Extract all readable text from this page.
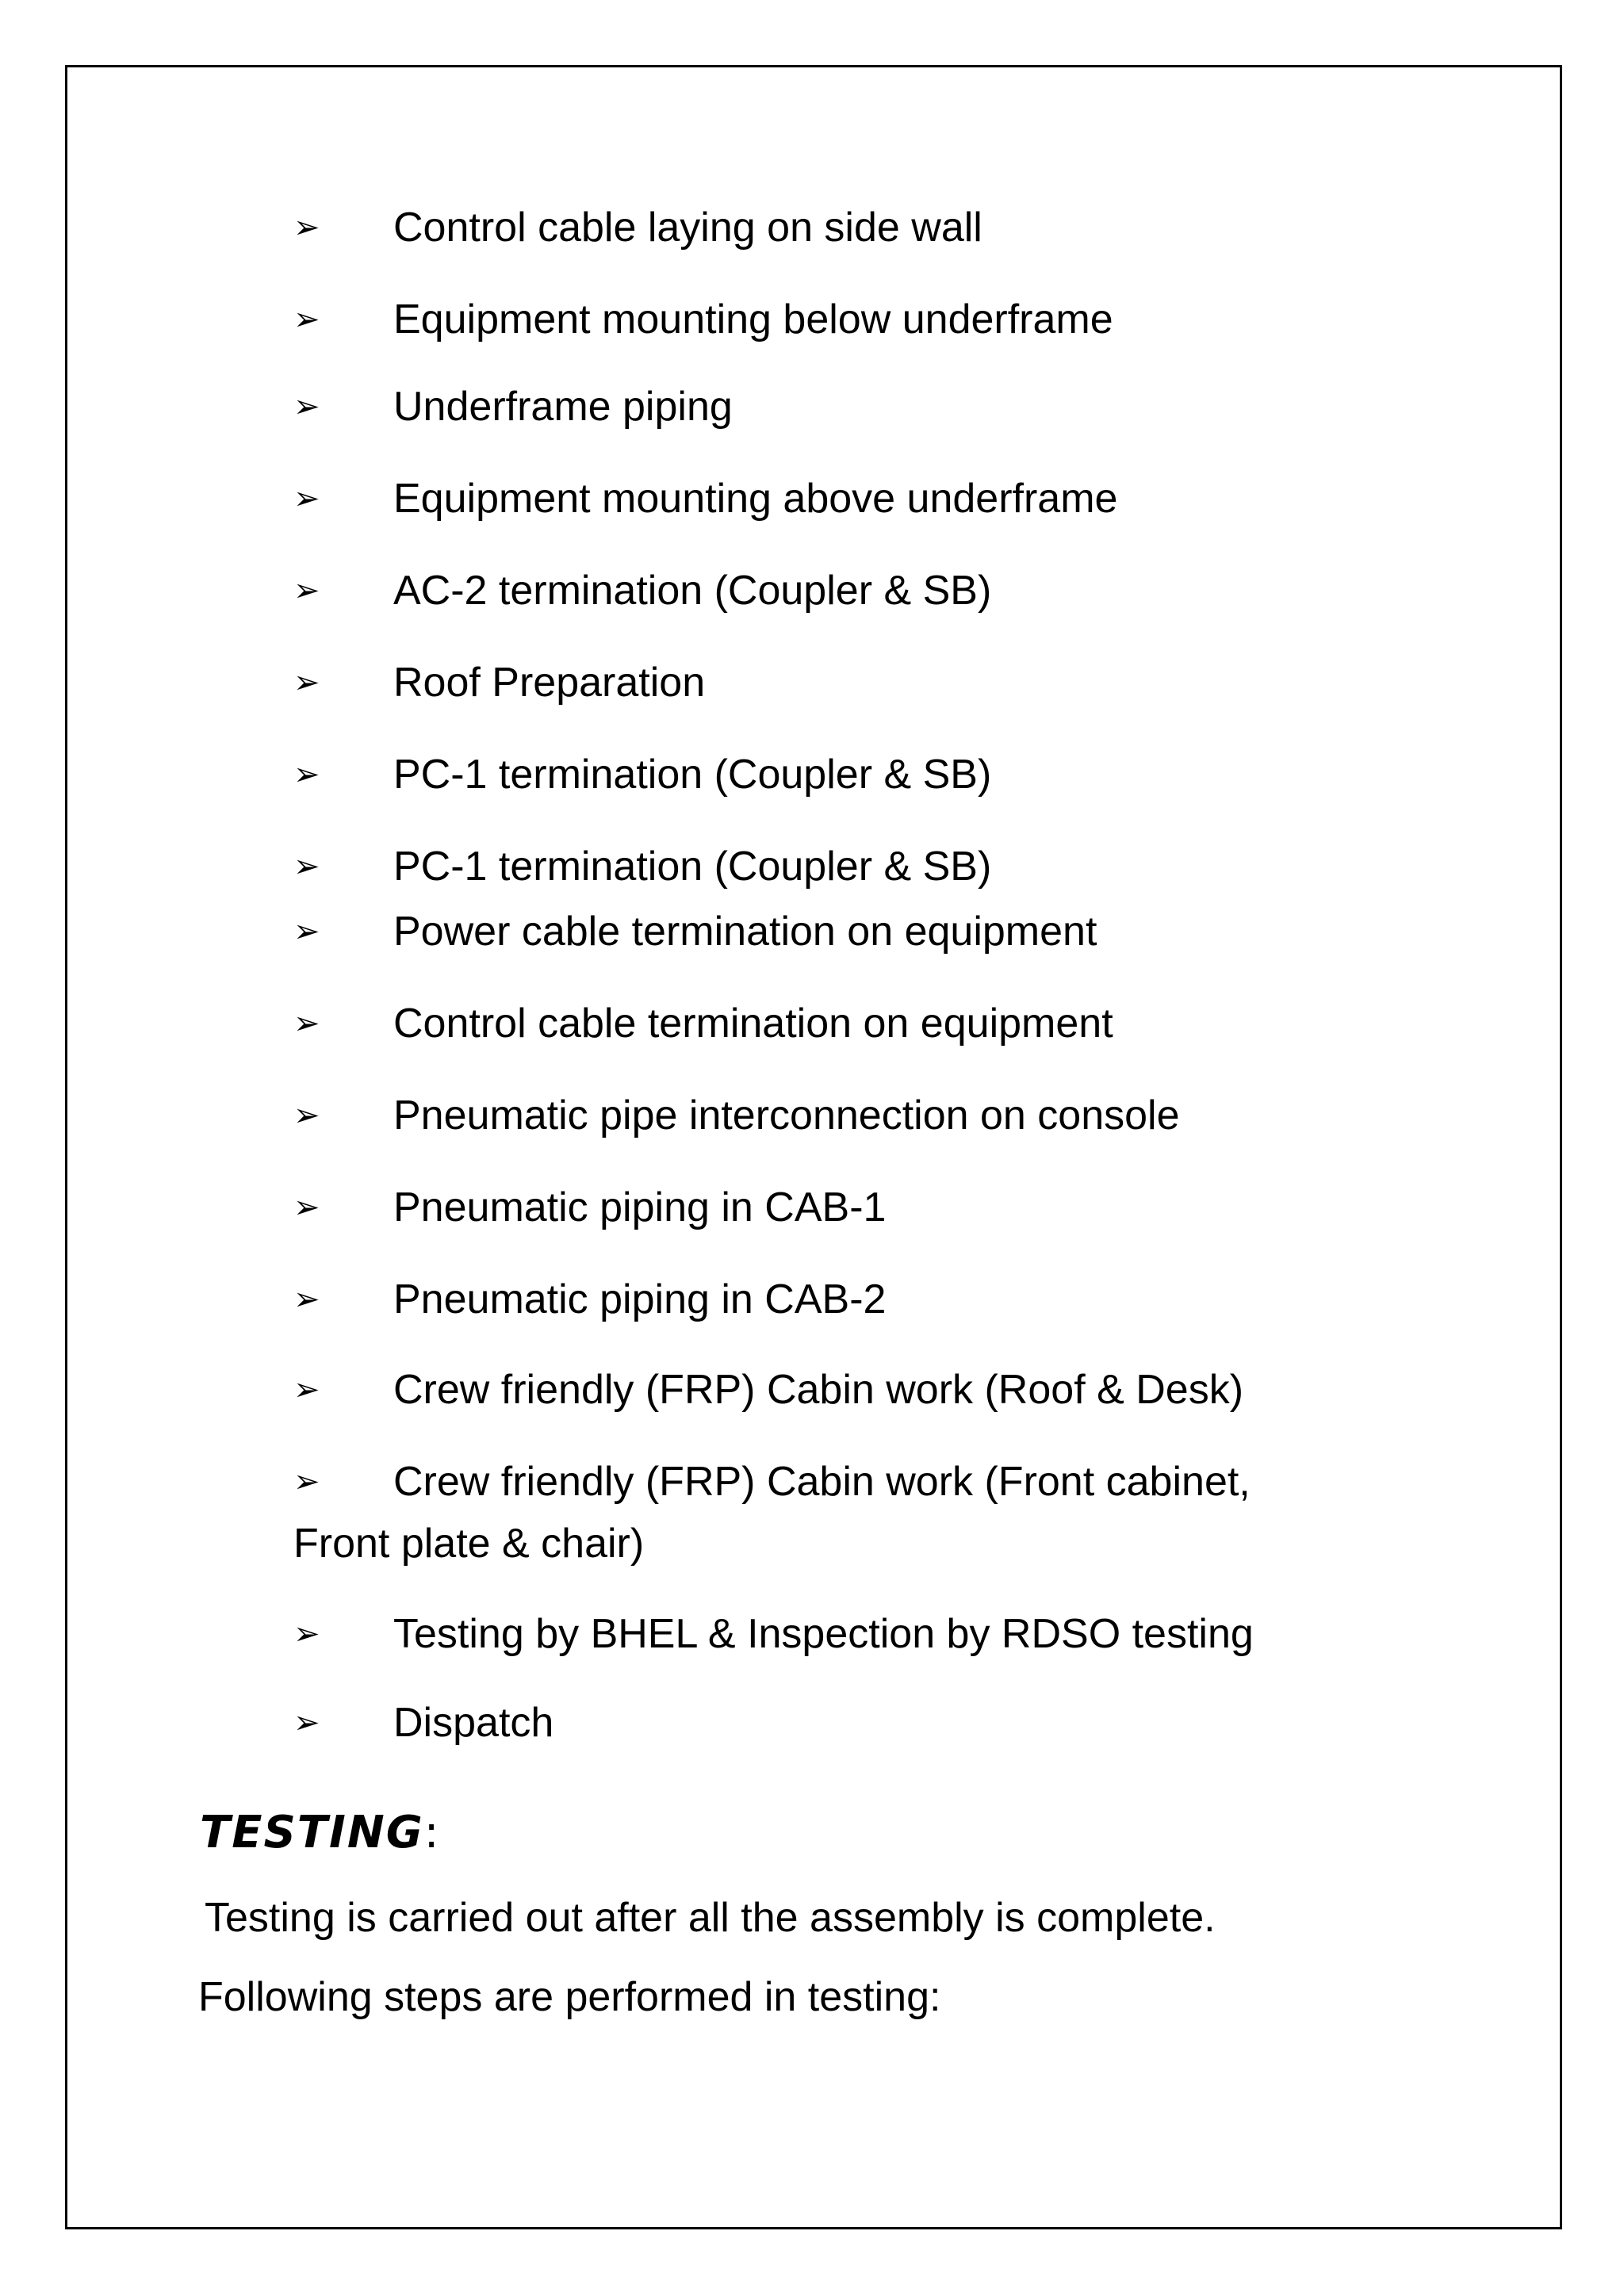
➢	Control cable laying on side wall
➢	Equipment mounting below underframe
➢	Underframe piping
➢	Equipment mounting above underframe
➢	AC-2 termination (Coupler & SB)
➢	Roof Preparation
➢	PC-1 termination (Coupler & SB)
➢	PC-1 termination (Coupler & SB)
➢	Power cable termination on equipment
➢	Control cable termination on equipment
➢	Pneumatic pipe interconnection on console
➢	Pneumatic piping in CAB-1
➢	Pneumatic piping in CAB-2
➢	Crew friendly (FRP) Cabin work (Roof & Desk)
➢	Crew friendly (FRP) Cabin work (Front cabinet, Front plate & chair)
➢	Testing by BHEL & Inspection by RDSO testing
➢	Dispatch
TESTING:
Testing is carried out after all the assembly is complete.
Following steps are performed in testing:
